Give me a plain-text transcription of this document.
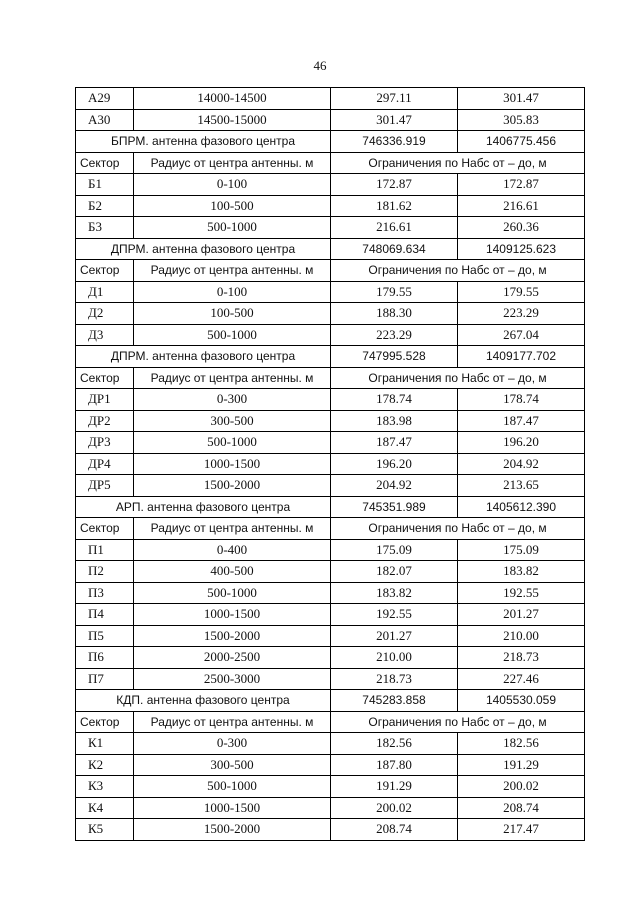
46
А29	14000-14500	297.11	301.47
А30	14500-15000	301.47	305.83
БПРМ. антенна фазового центра		746336.919	1406775.456
Сектор	Радиус от центра антенны. м	Ограничения по Набс от – до, м	
Б1	0-100	172.87	172.87
Б2	100-500	181.62	216.61
Б3	500-1000	216.61	260.36
ДПРМ. антенна фазового центра		748069.634	1409125.623
Сектор	Радиус от центра антенны. м	Ограничения по Набс от – до, м	
Д1	0-100	179.55	179.55
Д2	100-500	188.30	223.29
Д3	500-1000	223.29	267.04
ДПРМ. антенна фазового центра		747995.528	1409177.702
Сектор	Радиус от центра антенны. м	Ограничения по Набс от – до, м	
ДР1	0-300	178.74	178.74
ДР2	300-500	183.98	187.47
ДР3	500-1000	187.47	196.20
ДР4	1000-1500	196.20	204.92
ДР5	1500-2000	204.92	213.65
АРП. антенна фазового центра		745351.989	1405612.390
Сектор	Радиус от центра антенны. м	Ограничения по Набс от – до, м	
П1	0-400	175.09	175.09
П2	400-500	182.07	183.82
П3	500-1000	183.82	192.55
П4	1000-1500	192.55	201.27
П5	1500-2000	201.27	210.00
П6	2000-2500	210.00	218.73
П7	2500-3000	218.73	227.46
КДП. антенна фазового центра		745283.858	1405530.059
Сектор	Радиус от центра антенны. м	Ограничения по Набс от – до, м	
К1	0-300	182.56	182.56
К2	300-500	187.80	191.29
К3	500-1000	191.29	200.02
К4	1000-1500	200.02	208.74
К5	1500-2000	208.74	217.47
